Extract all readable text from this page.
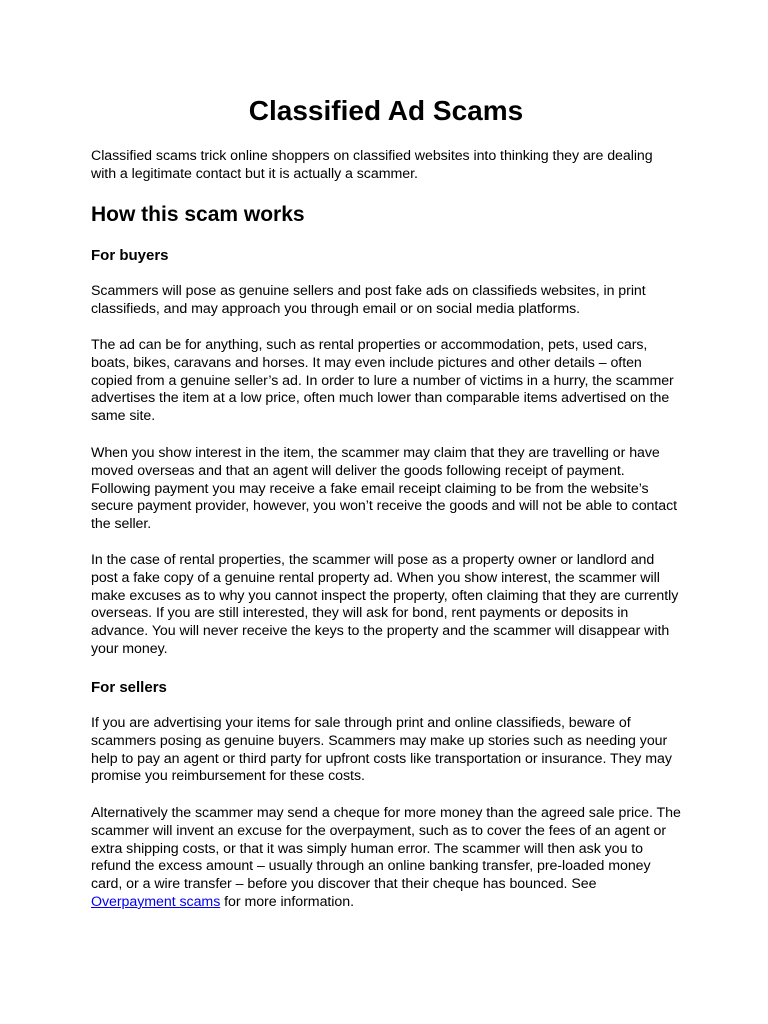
Classified Ad Scams

Classified scams trick online shoppers on classified websites into thinking they are dealing with a legitimate contact but it is actually a scammer.

How this scam works
For buyers

Scammers will pose as genuine sellers and post fake ads on classifieds websites, in print classifieds, and may approach you through email or on social media platforms.

The ad can be for anything, such as rental properties or accommodation, pets, used cars, boats, bikes, caravans and horses. It may even include pictures and other details – often copied from a genuine seller’s ad. In order to lure a number of victims in a hurry, the scammer advertises the item at a low price, often much lower than comparable items advertised on the same site.

When you show interest in the item, the scammer may claim that they are travelling or have moved overseas and that an agent will deliver the goods following receipt of payment. Following payment you may receive a fake email receipt claiming to be from the website’s secure payment provider, however, you won’t receive the goods and will not be able to contact the seller.

In the case of rental properties, the scammer will pose as a property owner or landlord and post a fake copy of a genuine rental property ad. When you show interest, the scammer will make excuses as to why you cannot inspect the property, often claiming that they are currently overseas. If you are still interested, they will ask for bond, rent payments or deposits in advance. You will never receive the keys to the property and the scammer will disappear with your money.

For sellers

If you are advertising your items for sale through print and online classifieds, beware of scammers posing as genuine buyers. Scammers may make up stories such as needing your help to pay an agent or third party for upfront costs like transportation or insurance. They may promise you reimbursement for these costs.

Alternatively the scammer may send a cheque for more money than the agreed sale price. The scammer will invent an excuse for the overpayment, such as to cover the fees of an agent or extra shipping costs, or that it was simply human error. The scammer will then ask you to refund the excess amount – usually through an online banking transfer, pre-loaded money card, or a wire transfer – before you discover that their cheque has bounced. See Overpayment scams for more information.
